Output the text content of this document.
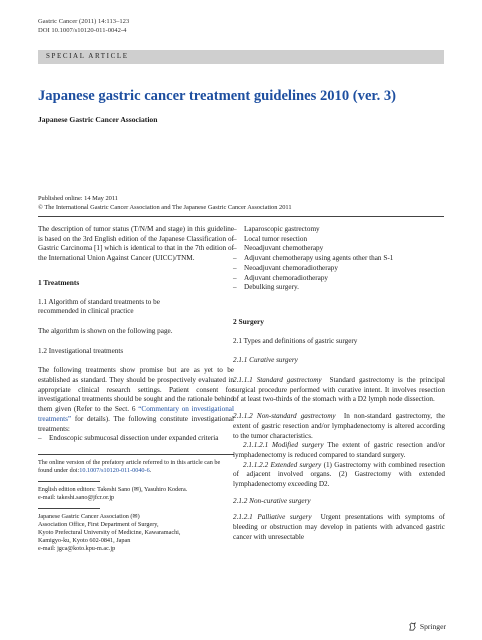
Gastric Cancer (2011) 14:113–123
DOI 10.1007/s10120-011-0042-4
SPECIAL ARTICLE
Japanese gastric cancer treatment guidelines 2010 (ver. 3)
Japanese Gastric Cancer Association
Published online: 14 May 2011
© The International Gastric Cancer Association and The Japanese Gastric Cancer Association 2011

The description of tumor status (T/N/M and stage) in this guideline is based on the 3rd English edition of the Japanese Classification of Gastric Carcinoma [1] which is identical to that in the 7th edition of the International Union Against Cancer (UICC)/TNM.

1 Treatments
1.1 Algorithm of standard treatments to be recommended in clinical practice

The algorithm is shown on the following page.

1.2 Investigational treatments

The following treatments show promise but are as yet to be established as standard. They should be prospectively evaluated in appropriate clinical research settings. Patient consent for investigational treatments should be sought and the rationale behind them given (Refer to the Sect. 6 “Commentary on investigational treatments” for details). The following constitute investigational treatments:

– Endoscopic submucosal dissection under expanded criteria
The online version of the prefatory article referred to in this article can be found under doi:10.1007/s10120-011-0040-6.
English edition editors: Takeshi Sano (✉), Yasuhiro Kodera.
e-mail: takeshi.sano@jfcr.or.jp
Japanese Gastric Cancer Association (✉)
Association Office, First Department of Surgery,
Kyoto Prefectural University of Medicine, Kawaramachi,
Kamigyo-ku, Kyoto 602-0841, Japan
e-mail: jgca@koto.kpu-m.ac.jp
– Laparoscopic gastrectomy
– Local tumor resection
– Neoadjuvant chemotherapy
– Adjuvant chemotherapy using agents other than S-1
– Neoadjuvant chemoradiotherapy
– Adjuvant chemoradiotherapy
– Debulking surgery.
2 Surgery
2.1 Types and definitions of gastric surgery
2.1.1 Curative surgery

2.1.1.1 Standard gastrectomy Standard gastrectomy is the principal surgical procedure performed with curative intent. It involves resection of at least two-thirds of the stomach with a D2 lymph node dissection.

2.1.1.2 Non-standard gastrectomy In non-standard gastrectomy, the extent of gastric resection and/or lymphadenectomy is altered according to the tumor characteristics.

2.1.1.2.1 Modified surgery The extent of gastric resection and/or lymphadenectomy is reduced compared to standard surgery.

2.1.1.2.2 Extended surgery (1) Gastrectomy with combined resection of adjacent involved organs. (2) Gastrectomy with extended lymphadenectomy exceeding D2.

2.1.2 Non-curative surgery

2.1.2.1 Palliative surgery Urgent presentations with symptoms of bleeding or obstruction may develop in patients with advanced gastric cancer with unresectable

Springer
